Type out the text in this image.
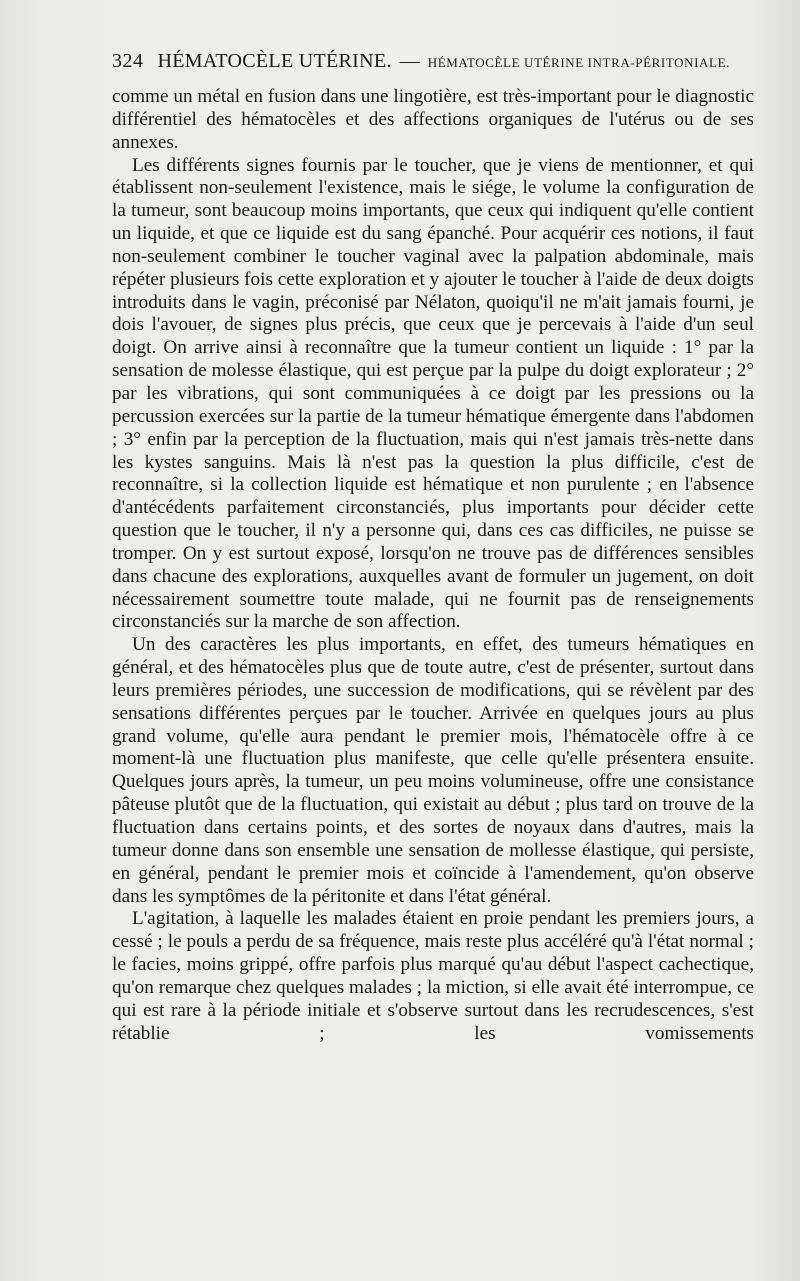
324 HÉMATOCÈLE UTÉRINE. — HÉMATOCÈLE UTÉRINE INTRA-PÉRITONIALE.

comme un métal en fusion dans une lingotière, est très-important pour le diagnostic différentiel des hématocèles et des affections organiques de l'utérus ou de ses annexes.

Les différents signes fournis par le toucher, que je viens de mentionner, et qui établissent non-seulement l'existence, mais le siége, le volume la configuration de la tumeur, sont beaucoup moins importants, que ceux qui indiquent qu'elle contient un liquide, et que ce liquide est du sang épanché. Pour acquérir ces notions, il faut non-seulement combiner le toucher vaginal avec la palpation abdominale, mais répéter plusieurs fois cette exploration et y ajouter le toucher à l'aide de deux doigts introduits dans le vagin, préconisé par Nélaton, quoiqu'il ne m'ait jamais fourni, je dois l'avouer, de signes plus précis, que ceux que je percevais à l'aide d'un seul doigt. On arrive ainsi à reconnaître que la tumeur contient un liquide : 1° par la sensation de molesse élastique, qui est perçue par la pulpe du doigt explorateur ; 2° par les vibrations, qui sont communiquées à ce doigt par les pressions ou la percussion exercées sur la partie de la tumeur hématique émergente dans l'abdomen ; 3° enfin par la perception de la fluctuation, mais qui n'est jamais très-nette dans les kystes sanguins. Mais là n'est pas la question la plus difficile, c'est de reconnaître, si la collection liquide est hématique et non purulente ; en l'absence d'antécédents parfaitement circonstanciés, plus importants pour décider cette question que le toucher, il n'y a personne qui, dans ces cas difficiles, ne puisse se tromper. On y est surtout exposé, lorsqu'on ne trouve pas de différences sensibles dans chacune des explorations, auxquelles avant de formuler un jugement, on doit nécessairement soumettre toute malade, qui ne fournit pas de renseignements circonstanciés sur la marche de son affection.

Un des caractères les plus importants, en effet, des tumeurs hématiques en général, et des hématocèles plus que de toute autre, c'est de présenter, surtout dans leurs premières périodes, une succession de modifications, qui se révèlent par des sensations différentes perçues par le toucher. Arrivée en quelques jours au plus grand volume, qu'elle aura pendant le premier mois, l'hématocèle offre à ce moment-là une fluctuation plus manifeste, que celle qu'elle présentera ensuite. Quelques jours après, la tumeur, un peu moins volumineuse, offre une consistance pâteuse plutôt que de la fluctuation, qui existait au début ; plus tard on trouve de la fluctuation dans certains points, et des sortes de noyaux dans d'autres, mais la tumeur donne dans son ensemble une sensation de mollesse élastique, qui persiste, en général, pendant le premier mois et coïncide à l'amendement, qu'on observe dans les symptômes de la péritonite et dans l'état général.

L'agitation, à laquelle les malades étaient en proie pendant les premiers jours, a cessé ; le pouls a perdu de sa fréquence, mais reste plus accéléré qu'à l'état normal ; le facies, moins grippé, offre parfois plus marqué qu'au début l'aspect cachectique, qu'on remarque chez quelques malades ; la miction, si elle avait été interrompue, ce qui est rare à la période initiale et s'observe surtout dans les recrudescences, s'est rétablie ; les vomissements
